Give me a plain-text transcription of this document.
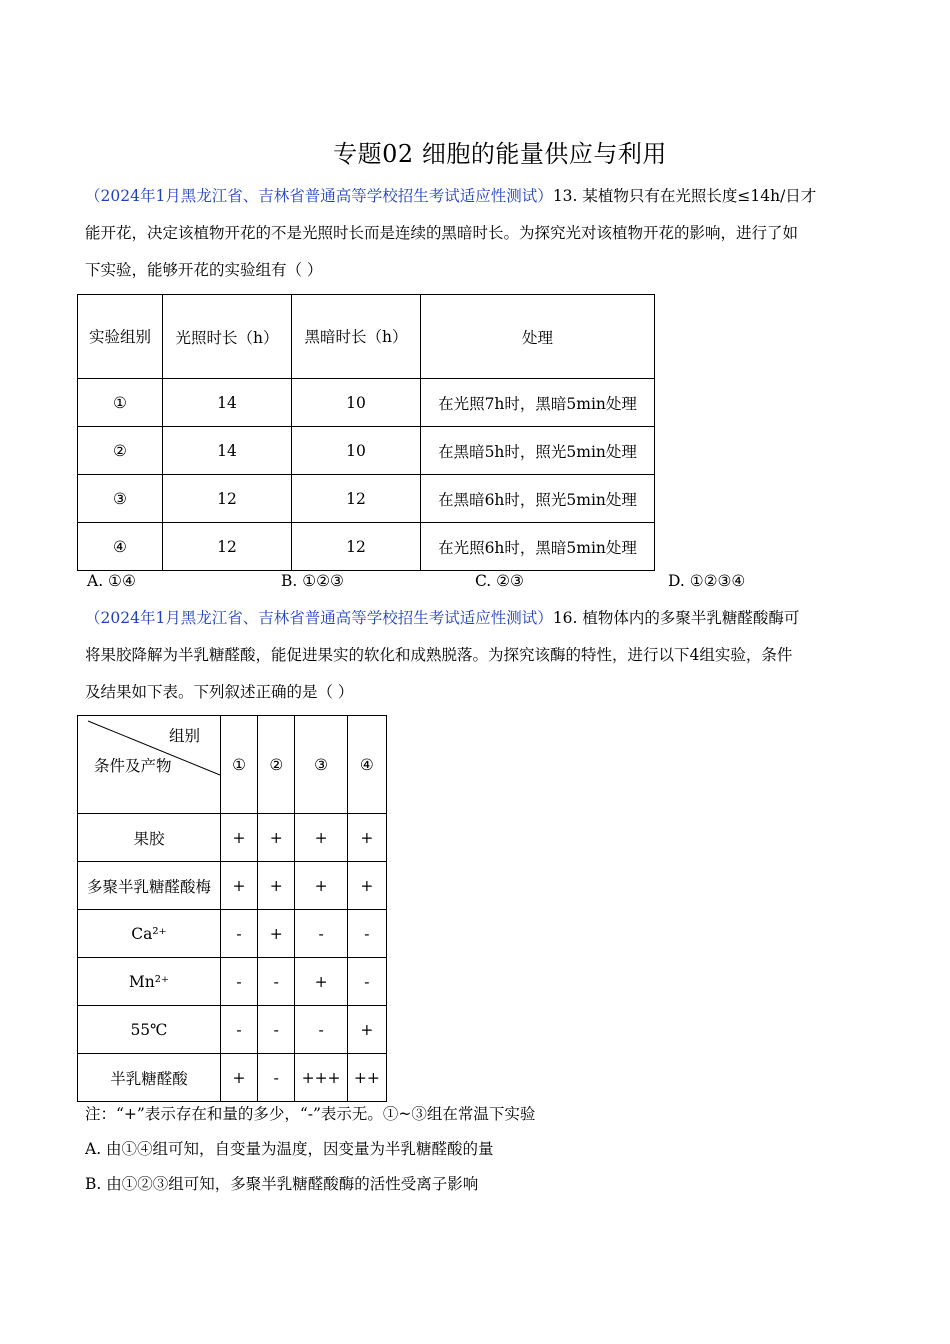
专题02 细胞的能量供应与利用
（2024年1月黑龙江省、吉林省普通高等学校招生考试适应性测试）13. 某植物只有在光照长度≤14h/日才
能开花，决定该植物开花的不是光照时长而是连续的黑暗时长。为探究光对该植物开花的影响，进行了如
下实验，能够开花的实验组有（ ）
实验组别	光照时长（h）	黑暗时长（h）	处理
①	14	10	在光照7h时，黑暗5min处理
②	14	10	在黑暗5h时，照光5min处理
③	12	12	在黑暗6h时，照光5min处理
④	12	12	在光照6h时，黑暗5min处理
A. ①④	B. ①②③	C. ②③	D. ①②③④
（2024年1月黑龙江省、吉林省普通高等学校招生考试适应性测试）16. 植物体内的多聚半乳糖醛酸酶可
将果胶降解为半乳糖醛酸，能促进果实的软化和成熟脱落。为探究该酶的特性，进行以下4组实验，条件
及结果如下表。下列叙述正确的是（ ）
组别
条件及产物	①	②	③	④
果胶	+	+	+	+
多聚半乳糖醛酸梅	+	+	+	+
Ca²⁺	-	+	-	-
Mn²⁺	-	-	+	-
55℃	-	-	-	+
半乳糖醛酸	+	-	+++	++
注：“+”表示存在和量的多少，“-”表示无。①~③组在常温下实验
A. 由①④组可知，自变量为温度，因变量为半乳糖醛酸的量
B. 由①②③组可知，多聚半乳糖醛酸酶的活性受离子影响
